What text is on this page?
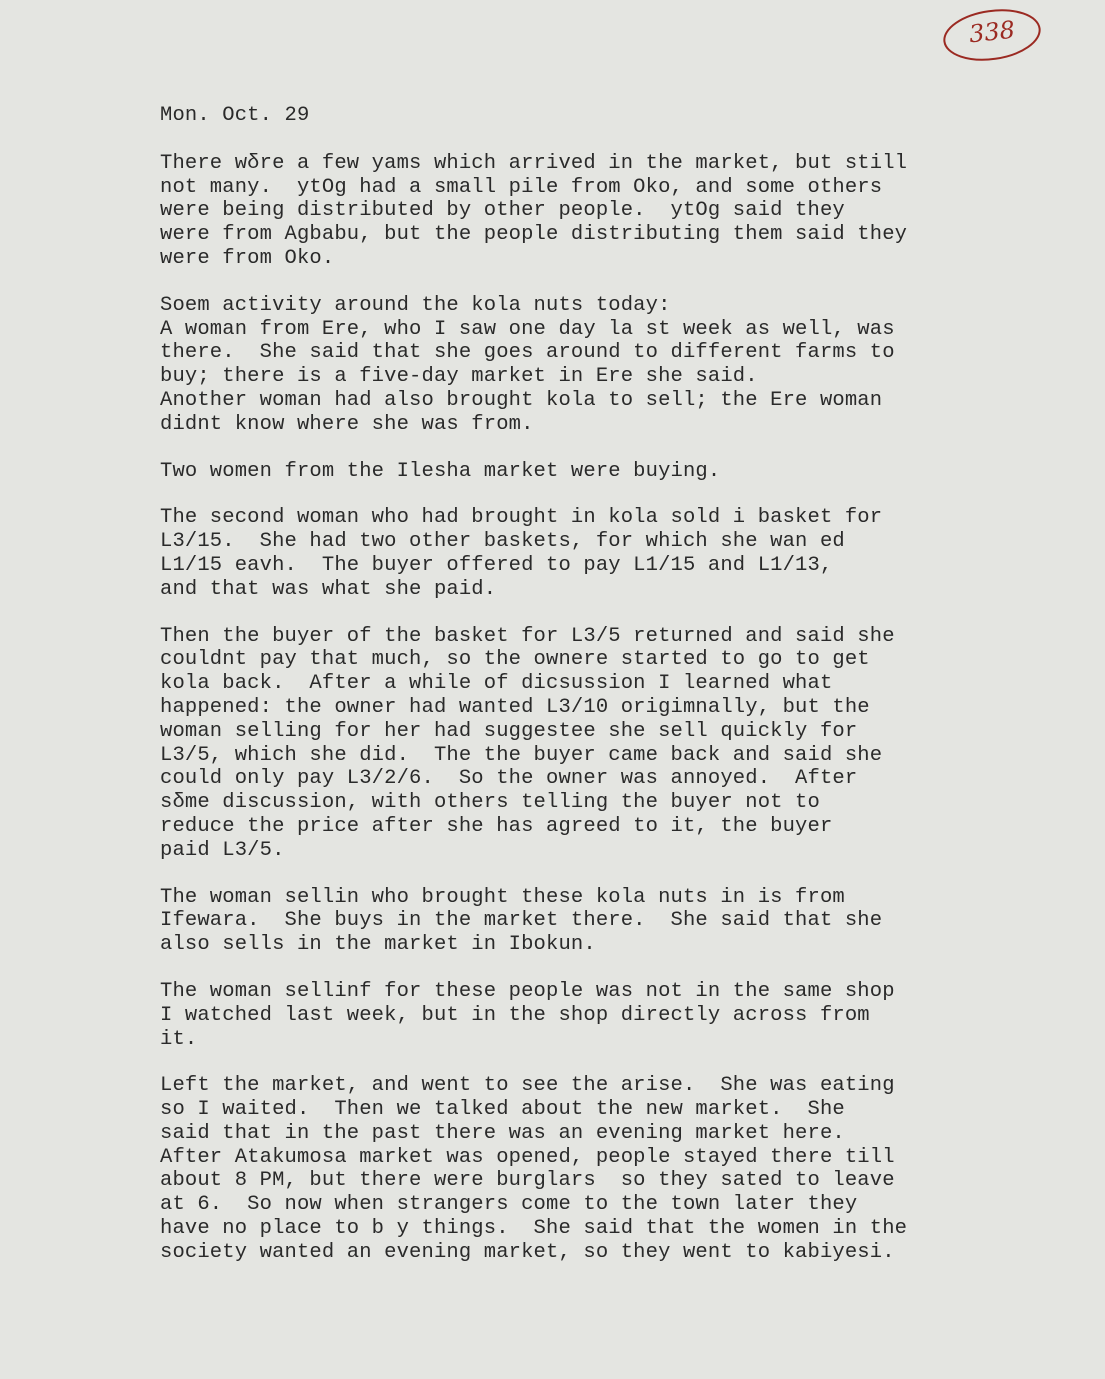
338
Mon. Oct. 29
There wδre a few yams which arrived in the market, but still
not many.  ytOg had a small pile from Oko, and some others
were being distributed by other people.  ytOg said they
were from Agbabu, but the people distributing them said they
were from Oko.
Soem activity around the kola nuts today:
A woman from Ere, who I saw one day la st week as well, was
there.  She said that she goes around to different farms to
buy; there is a five-day market in Ere she said.
Another woman had also brought kola to sell; the Ere woman
didnt know where she was from.
Two women from the Ilesha market were buying.
The second woman who had brought in kola sold i basket for
L3/15.  She had two other baskets, for which she wan ed
L1/15 eavh.  The buyer offered to pay L1/15 and L1/13,
and that was what she paid.
Then the buyer of the basket for L3/5 returned and said she
couldnt pay that much, so the ownere started to go to get
kola back.  After a while of dicsussion I learned what
happened: the owner had wanted L3/10 origimnally, but the
woman selling for her had suggestee she sell quickly for
L3/5, which she did.  The the buyer came back and said she
could only pay L3/2/6.  So the owner was annoyed.  After
sδme discussion, with others telling the buyer not to
reduce the price after she has agreed to it, the buyer
paid L3/5.
The woman sellin who brought these kola nuts in is from
Ifewara.  She buys in the market there.  She said that she
also sells in the market in Ibokun.
The woman sellinf for these people was not in the same shop
I watched last week, but in the shop directly across from
it.
Left the market, and went to see the arise.  She was eating
so I waited.  Then we talked about the new market.  She
said that in the past there was an evening market here.
After Atakumosa market was opened, people stayed there till
about 8 PM, but there were burglars  so they sated to leave
at 6.  So now when strangers come to the town later they
have no place to b y things.  She said that the women in the
society wanted an evening market, so they went to kabiyesi.
